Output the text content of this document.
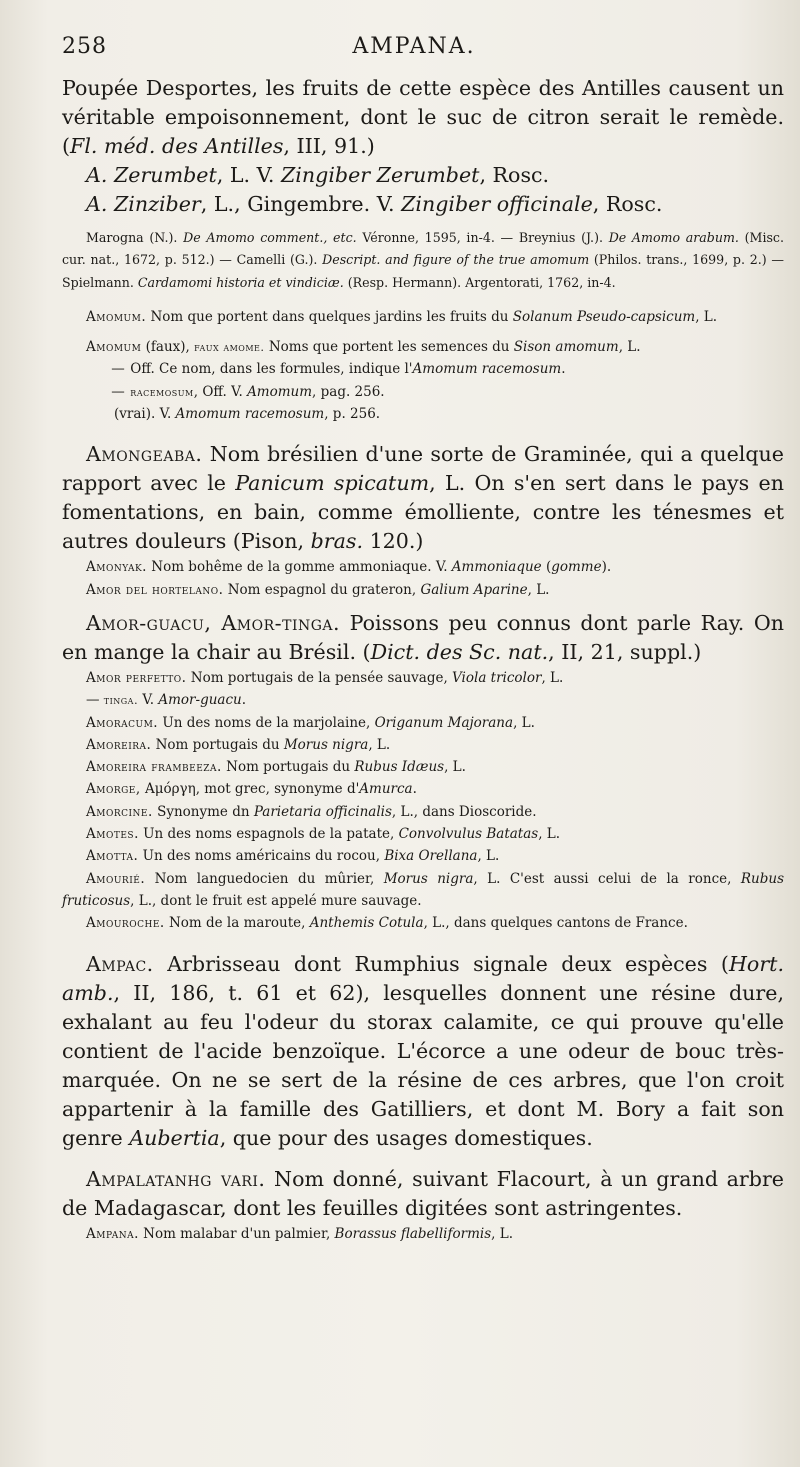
258	AMPANA.

Poupée Desportes, les fruits de cette espèce des Antilles causent un véritable empoisonnement, dont le suc de citron serait le remède. (Fl. méd. des Antilles, III, 91.)

A. Zerumbet, L. V. Zingiber Zerumbet, Rosc.

A. Zinziber, L., Gingembre. V. Zingiber officinale, Rosc.

Marogna (N.). De Amomo comment., etc. Véronne, 1595, in-4. — Breynius (J.). De Amomo arabum. (Misc. cur. nat., 1672, p. 512.) — Camelli (G.). Descript. and figure of the true amomum (Philos. trans., 1699, p. 2.) — Spielmann. Cardamomi historia et vindiciæ. (Resp. Hermann). Argentorati, 1762, in-4.

Amomum. Nom que portent dans quelques jardins les fruits du Solanum Pseudo-capsicum, L.

Amomum (faux), faux amome. Noms que portent les semences du Sison amomum, L.

— Off. Ce nom, dans les formules, indique l'Amomum racemosum.

— racemosum, Off. V. Amomum, pag. 256.

(vrai). V. Amomum racemosum, p. 256.

Amongeaba. Nom brésilien d'une sorte de Graminée, qui a quelque rapport avec le Panicum spicatum, L. On s'en sert dans le pays en fomentations, en bain, comme émolliente, contre les ténesmes et autres douleurs (Pison, bras. 120.)

Amonyak. Nom bohême de la gomme ammoniaque. V. Ammoniaque (gomme).

Amor del hortelano. Nom espagnol du grateron, Galium Aparine, L.

Amor-guacu, Amor-tinga. Poissons peu connus dont parle Ray. On en mange la chair au Brésil. (Dict. des Sc. nat., II, 21, suppl.)

Amor perfetto. Nom portugais de la pensée sauvage, Viola tricolor, L.

— tinga. V. Amor-guacu.

Amoracum. Un des noms de la marjolaine, Origanum Majorana, L.

Amoreira. Nom portugais du Morus nigra, L.

Amoreira frambeeza. Nom portugais du Rubus Idæus, L.

Amorge, Αμόργη, mot grec, synonyme d'Amurca.

Amorcine. Synonyme dn Parietaria officinalis, L., dans Dioscoride.

Amotes. Un des noms espagnols de la patate, Convolvulus Batatas, L.

Amotta. Un des noms américains du rocou, Bixa Orellana, L.

Amourié. Nom languedocien du mûrier, Morus nigra, L. C'est aussi celui de la ronce, Rubus fruticosus, L., dont le fruit est appelé mure sauvage.

Amouroche. Nom de la maroute, Anthemis Cotula, L., dans quelques cantons de France.

Ampac. Arbrisseau dont Rumphius signale deux espèces (Hort. amb., II, 186, t. 61 et 62), lesquelles donnent une résine dure, exhalant au feu l'odeur du storax calamite, ce qui prouve qu'elle contient de l'acide benzoïque. L'écorce a une odeur de bouc très-marquée. On ne se sert de la résine de ces arbres, que l'on croit appartenir à la famille des Gatilliers, et dont M. Bory a fait son genre Aubertia, que pour des usages domestiques.

Ampalatanhg vari. Nom donné, suivant Flacourt, à un grand arbre de Madagascar, dont les feuilles digitées sont astringentes.

Ampana. Nom malabar d'un palmier, Borassus flabelliformis, L.
